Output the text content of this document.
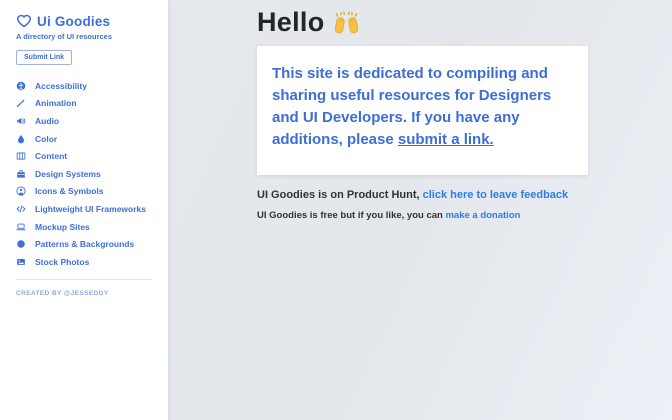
Ui Goodies
A directory of UI resources
Submit Link
Accessibility
Animation
Audio
Color
Content
Design Systems
Icons & Symbols
Lightweight UI Frameworks
Mockup Sites
Patterns & Backgrounds
Stock Photos
CREATED BY @JESSEDDY
Hello

This site is dedicated to compiling and sharing useful resources for Designers and UI Developers. If you have any additions, please submit a link.

UI Goodies is on Product Hunt, click here to leave feedback
UI Goodies is free but if you like, you can make a donation
